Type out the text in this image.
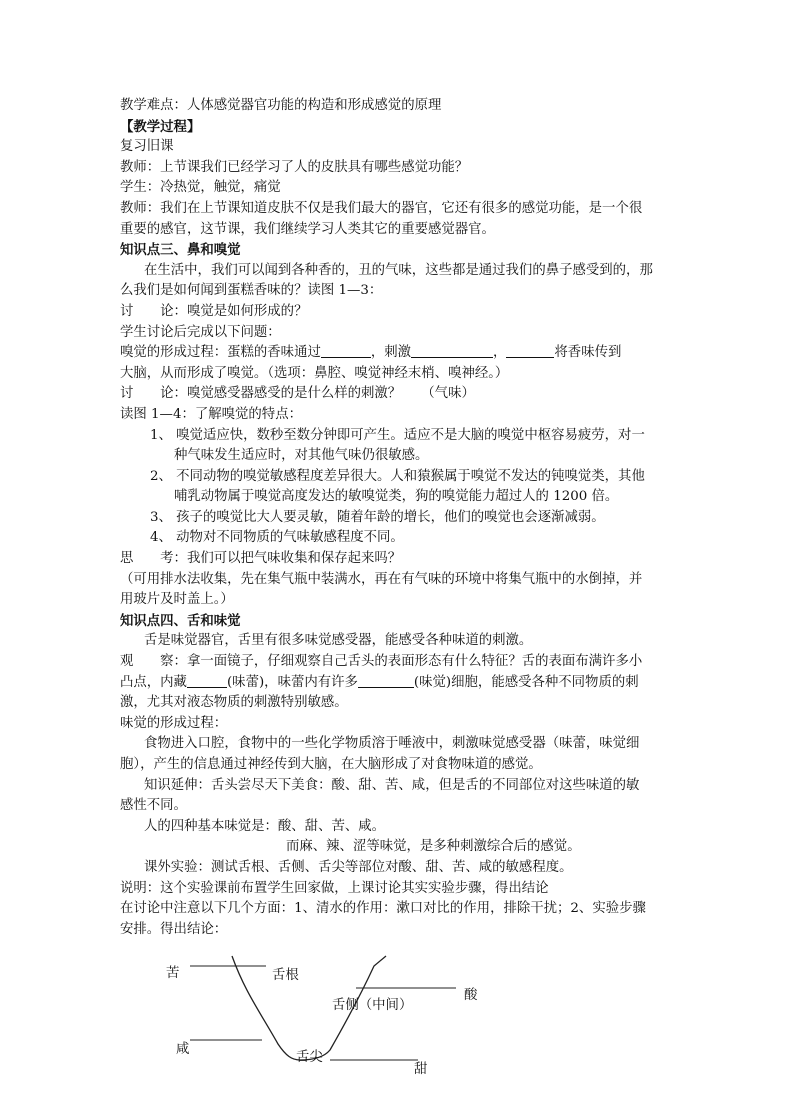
教学难点：人体感觉器官功能的构造和形成感觉的原理
【教学过程】
复习旧课
教师：上节课我们已经学习了人的皮肤具有哪些感觉功能？
学生：冷热觉，触觉，痛觉
教师：我们在上节课知道皮肤不仅是我们最大的器官，它还有很多的感觉功能，是一个很
重要的感官，这节课，我们继续学习人类其它的重要感觉器官。
知识点三、鼻和嗅觉
在生活中，我们可以闻到各种香的，丑的气味，这些都是通过我们的鼻子感受到的，那
么我们是如何闻到蛋糕香味的？读图 1—3：
讨　　论：嗅觉是如何形成的？
学生讨论后完成以下问题：
嗅觉的形成过程：蛋糕的香味通过	，刺激	，	将香味传到
大脑，从而形成了嗅觉。（选项：鼻腔、嗅觉神经末梢、嗅神经。）
讨　　论：嗅觉感受器感受的是什么样的刺激？　　（气味）
读图 1—4：了解嗅觉的特点：
1、 嗅觉适应快，数秒至数分钟即可产生。适应不是大脑的嗅觉中枢容易疲劳，对一
种气味发生适应时，对其他气味仍很敏感。
2、 不同动物的嗅觉敏感程度差异很大。人和猿猴属于嗅觉不发达的钝嗅觉类，其他
哺乳动物属于嗅觉高度发达的敏嗅觉类，狗的嗅觉能力超过人的 1200 倍。
3、 孩子的嗅觉比大人要灵敏，随着年龄的增长，他们的嗅觉也会逐渐减弱。
4、 动物对不同物质的气味敏感程度不同。
思　　考：我们可以把气味收集和保存起来吗？
（可用排水法收集，先在集气瓶中装满水，再在有气味的环境中将集气瓶中的水倒掉，并
用玻片及时盖上。）
知识点四、舌和味觉
舌是味觉器官，舌里有很多味觉感受器，能感受各种味道的刺激。
观　　察：拿一面镜子，仔细观察自己舌头的表面形态有什么特征？舌的表面布满许多小
凸点，内藏	(味蕾)，味蕾内有许多	(味觉)细胞，能感受各种不同物质的刺
激，尤其对液态物质的刺激特别敏感。
味觉的形成过程：
食物进入口腔，食物中的一些化学物质溶于唾液中，刺激味觉感受器（味蕾，味觉细
胞），产生的信息通过神经传到大脑，在大脑形成了对食物味道的感觉。
知识延伸：舌头尝尽天下美食：酸、甜、苦、咸，但是舌的不同部位对这些味道的敏
感性不同。
人的四种基本味觉是：酸、甜、苦、咸。
而麻、辣、涩等味觉，是多种刺激综合后的感觉。
课外实验：测试舌根、舌侧、舌尖等部位对酸、甜、苦、咸的敏感程度。
说明：这个实验课前布置学生回家做，上课讨论其实实验步骤，得出结论
在讨论中注意以下几个方面：1、清水的作用：漱口对比的作用，排除干扰；2、实验步骤
安排。得出结论：
苦	舌根
酸
舌侧（中间）
咸
舌尖
甜
